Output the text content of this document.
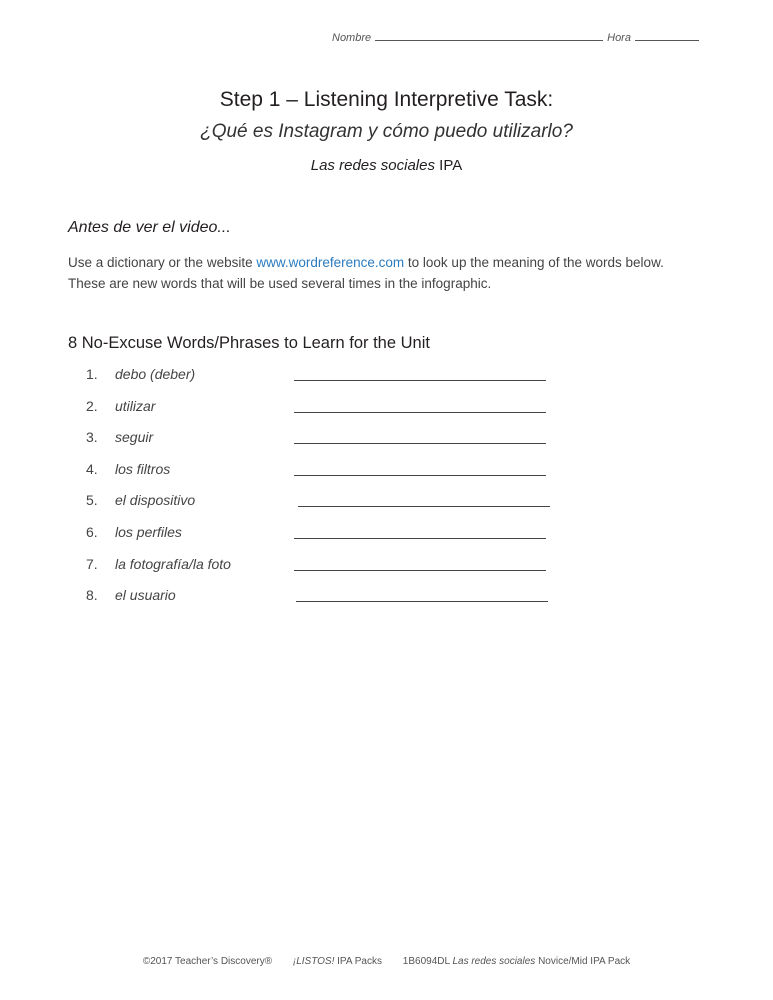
Nombre	Hora
Step 1 – Listening Interpretive Task:
¿Qué es Instagram y cómo puedo utilizarlo?
Las redes sociales IPA
Antes de ver el video...
Use a dictionary or the website www.wordreference.com to look up the meaning of the words below. These are new words that will be used several times in the infographic.
8 No-Excuse Words/Phrases to Learn for the Unit
1.	debo (deber)
2.	utilizar
3.	seguir
4.	los filtros
5.	el dispositivo
6.	los perfiles
7.	la fotografía/la foto
8.	el usuario
©2017 Teacher’s Discovery® ¡LISTOS! IPA Packs 1B6094DL Las redes sociales Novice/Mid IPA Pack
